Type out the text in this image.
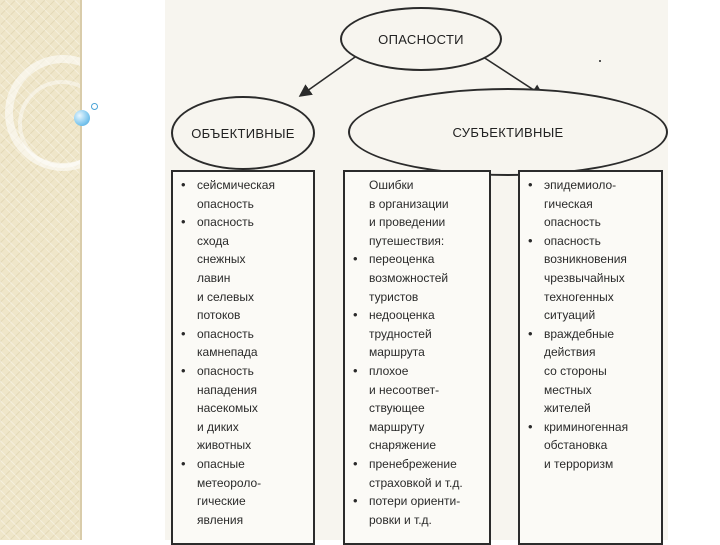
ОПАСНОСТИ
ОБЪЕКТИВНЫЕ	СУБЪЕКТИВНЫЕ
• сейсмическая
опасность
• опасность
схода
снежных
лавин
и селевых
потоков
• опасность
камнепада
• опасность
нападения
насекомых
и диких
животных
• опасные
метеороло-
гические
явления
Ошибки
в организации
и проведении
путешествия:
• переоценка
возможностей
туристов
• недооценка
трудностей
маршрута
• плохое
и несоответ-
ствующее
маршруту
снаряжение
• пренебрежение
страховкой и т.д.
• потери ориенти-
ровки и т.д.
• эпидемиоло-
гическая
опасность
• опасность
возникновения
чрезвычайных
техногенных
ситуаций
• враждебные
действия
со стороны
местных
жителей
• криминогенная
обстановка
и терроризм
